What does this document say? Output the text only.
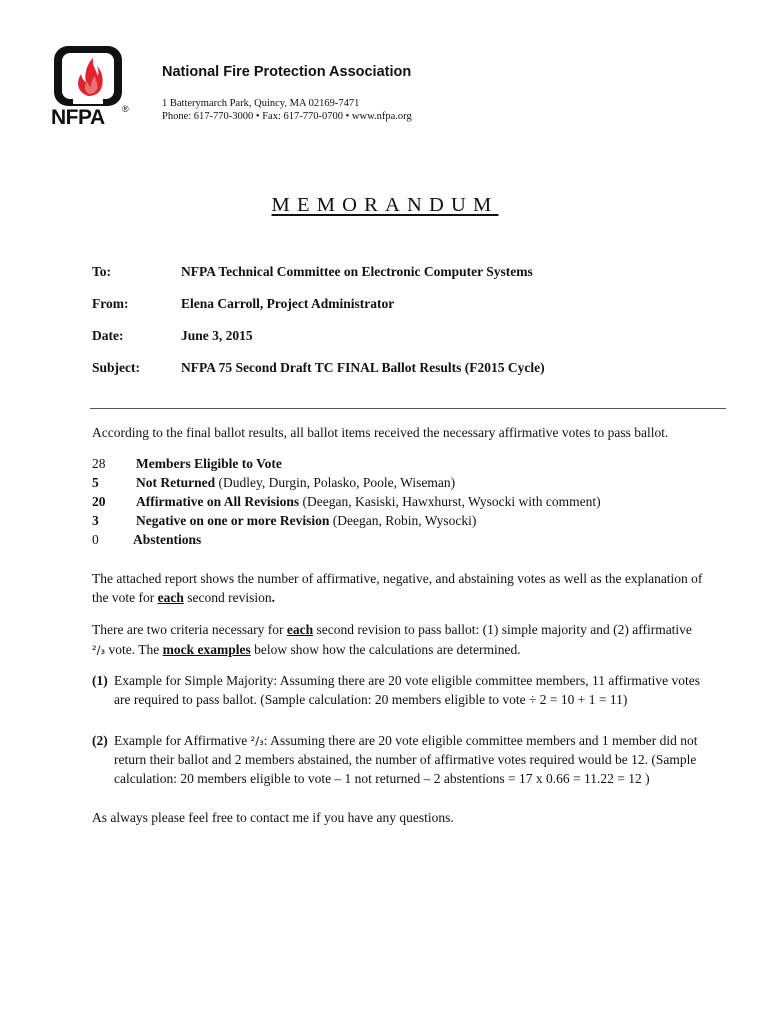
NFPA ®
National Fire Protection Association
1 Batterymarch Park, Quincy, MA 02169-7471
Phone: 617-770-3000 • Fax: 617-770-0700 • www.nfpa.org
MEMORANDUM
To:	NFPA Technical Committee on Electronic Computer Systems
From:	Elena Carroll, Project Administrator
Date:	June 3, 2015
Subject:	NFPA 75 Second Draft TC FINAL Ballot Results (F2015 Cycle)
According to the final ballot results, all ballot items received the necessary affirmative votes to pass ballot.
28 Members Eligible to Vote
5	Not Returned (Dudley, Durgin, Polasko, Poole, Wiseman)
20 Affirmative on All Revisions (Deegan, Kasiski, Hawxhurst, Wysocki with comment)
3	Negative on one or more Revision (Deegan, Robin, Wysocki)
0	Abstentions
The attached report shows the number of affirmative, negative, and abstaining votes as well as the explanation of
the vote for each second revision.
There are two criteria necessary for each second revision to pass ballot: (1) simple majority and (2) affirmative
²/₃ vote. The mock examples below show how the calculations are determined.
(1) Example for Simple Majority: Assuming there are 20 vote eligible committee members, 11 affirmative votes
are required to pass ballot. (Sample calculation: 20 members eligible to vote ÷ 2 = 10 + 1 = 11)
(2) Example for Affirmative ²/₃: Assuming there are 20 vote eligible committee members and 1 member did not
return their ballot and 2 members abstained, the number of affirmative votes required would be 12. (Sample
calculation: 20 members eligible to vote – 1 not returned – 2 abstentions = 17 x 0.66 = 11.22 = 12 )
As always please feel free to contact me if you have any questions.
